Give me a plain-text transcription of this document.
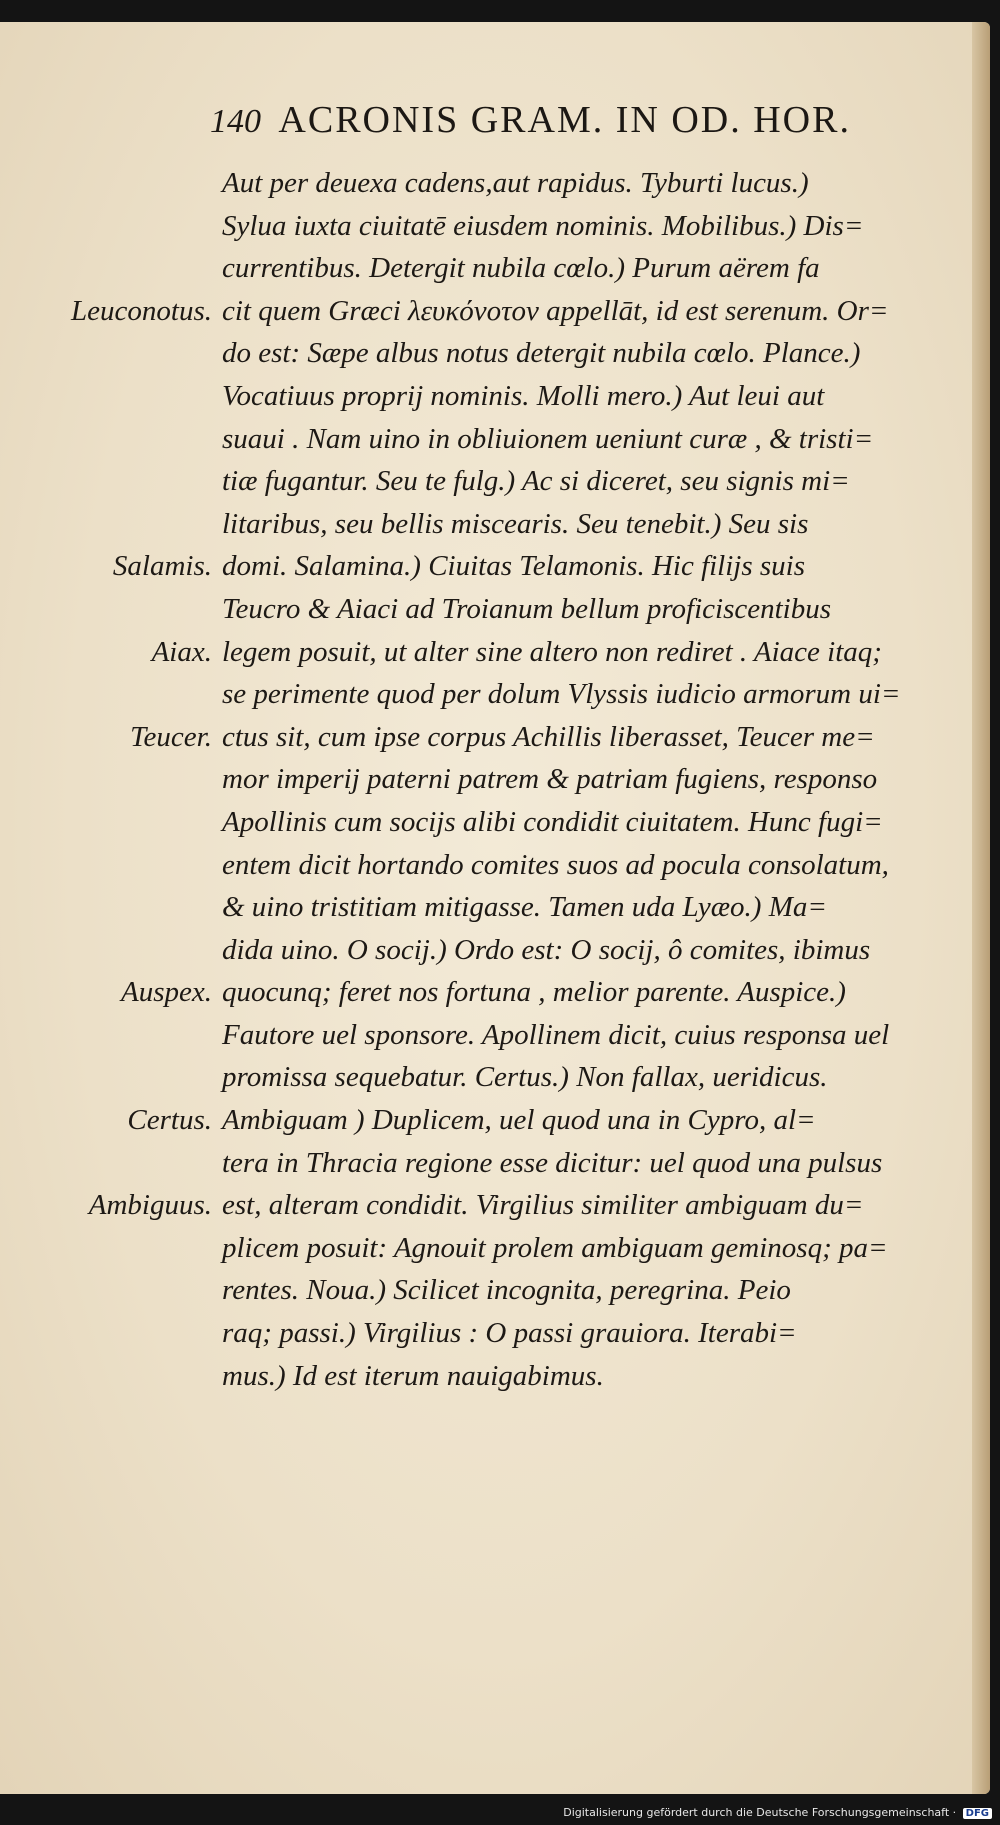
140 ACRONIS GRAM. IN OD. HOR.
Aut per deuexa cadens,aut rapidus. Tyburti lucus.)
Sylua iuxta ciuitatē eiusdem nominis. Mobilibus.) Dis=
currentibus. Detergit nubila cœlo.) Purum aërem fa
Leuconotus. cit quem Græci λευκόνοτον appellāt, id est serenum. Or=
do est: Sæpe albus notus detergit nubila cœlo. Plance.)
Vocatiuus proprij nominis. Molli mero.) Aut leui aut
suaui . Nam uino in obliuionem ueniunt curæ , & tristi=
tiæ fugantur. Seu te fulg.) Ac si diceret, seu signis mi=
litaribus, seu bellis miscearis. Seu tenebit.) Seu sis
Salamis. domi. Salamina.) Ciuitas Telamonis. Hic filijs suis
Teucro & Aiaci ad Troianum bellum proficiscentibus
Aiax. legem posuit, ut alter sine altero non rediret . Aiace itaq;
se perimente quod per dolum Vlyssis iudicio armorum ui=
Teucer. ctus sit, cum ipse corpus Achillis liberasset, Teucer me=
mor imperij paterni patrem & patriam fugiens, responso
Apollinis cum socijs alibi condidit ciuitatem. Hunc fugi=
entem dicit hortando comites suos ad pocula consolatum,
& uino tristitiam mitigasse. Tamen uda Lyæo.) Ma=
dida uino. O socij.) Ordo est: O socij, ô comites, ibimus
Auspex. quocunq; feret nos fortuna , melior parente. Auspice.)
Fautore uel sponsore. Apollinem dicit, cuius responsa uel
promissa sequebatur. Certus.) Non fallax, ueridicus.
Certus. Ambiguam ) Duplicem, uel quod una in Cypro, al=
tera in Thracia regione esse dicitur: uel quod una pulsus
Ambiguus. est, alteram condidit. Virgilius similiter ambiguam du=
plicem posuit: Agnouit prolem ambiguam geminosq; pa=
rentes. Noua.) Scilicet incognita, peregrina. Peio
raq; passi.) Virgilius : O passi grauiora. Iterabi=
mus.) Id est iterum nauigabimus.
Digitalisierung gefördert durch die Deutsche Forschungsgemeinschaft · DFG
